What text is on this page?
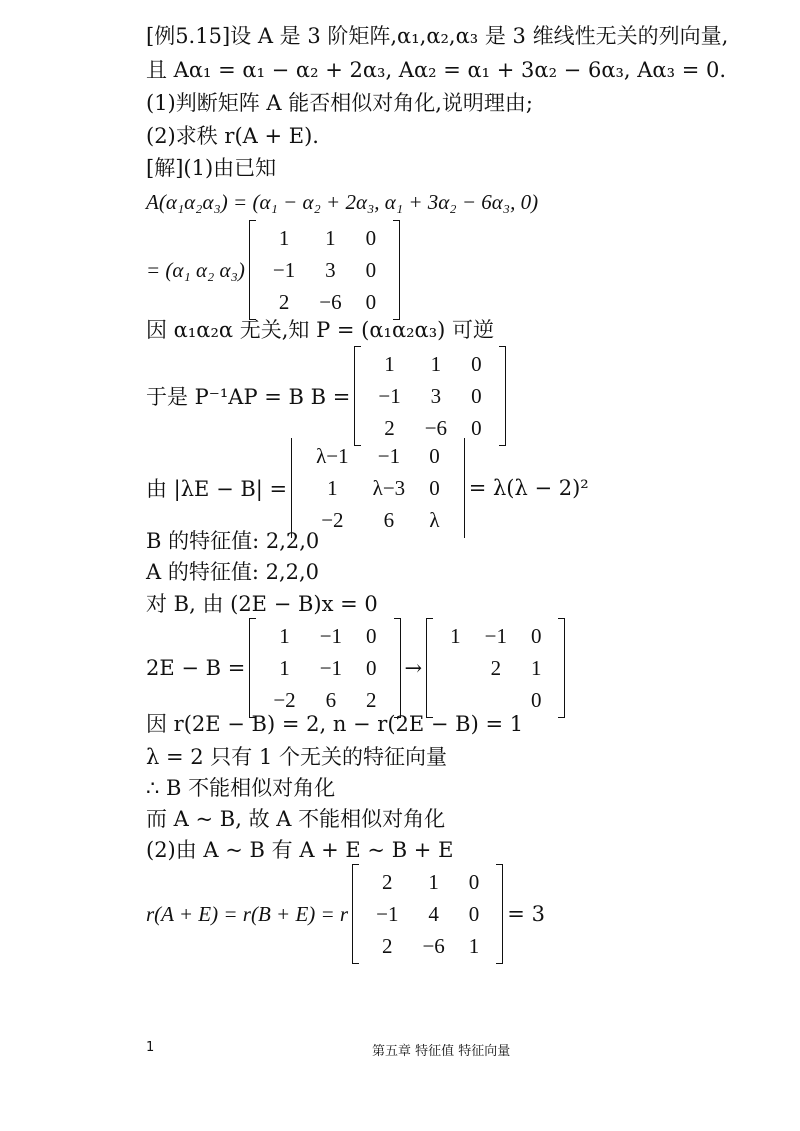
[例5.15]设 A 是 3 阶矩阵,α₁,α₂,α₃ 是 3 维线性无关的列向量,
且 Aα₁ = α₁ − α₂ + 2α₃, Aα₂ = α₁ + 3α₂ − 6α₃, Aα₃ = 0.
(1)判断矩阵 A 能否相似对角化,说明理由;
(2)求秩 r(A + E).
[解](1)由已知
A(α₁α₂α₃) = (α₁ − α₂ + 2α₃, α₁ + 3α₂ − 6α₃, 0)
= (α₁ α₂ α₃)
1	1	0
−1	3	0
2	−6	0
因 α₁α₂α 无关,知 P = (α₁α₂α₃) 可逆
于是 P⁻¹AP = B B =
1	1	0
−1	3	0
2	−6	0
由 |λE − B| =
λ−1	−1	0
1	λ−3	0
−2	6	λ
= λ(λ − 2)²
B 的特征值: 2,2,0
A 的特征值: 2,2,0
对 B, 由 (2E − B)x = 0
2E − B =
1	−1	0
1	−1	0
−2	6	2
→
1	−1	0
	2	1
		0
因 r(2E − B) = 2, n − r(2E − B) = 1
λ = 2 只有 1 个无关的特征向量
∴ B 不能相似对角化
而 A ~ B, 故 A 不能相似对角化
(2)由 A ~ B 有 A + E ~ B + E
r(A + E) = r(B + E) = r
2	1	0
−1	4	0
2	−6	1
= 3
1	第五章 特征值 特征向量
